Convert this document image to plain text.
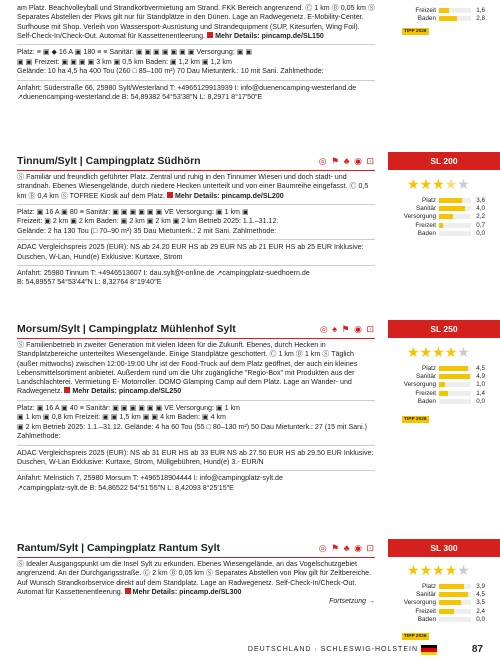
am Platz. Beachvolleyball und Strandkorbvermietung am Strand. FKK Bereich angrenzend. Ⓒ 1 km Ⓑ 0,05 km Ⓢ Separates Abstellen der Pkws gilt nur für Standplätze in den Dünen. Lage an Radwegenetz. E-Mobility-Center. Surfhouse mit Shop. Verleih von Wassersport-Ausrüstung und Strandequipment (SUP, Kitesurfen, Wing Foil). Self-Check-In/Check-Out. Automat für Kassettenentleerung. Mehr Details: pincamp.de/SL150

Platz: ≡ ▣ ◆ 16 A ▣ 180 ≡ ≡ Sanitär: ▣ ▣ ▣ ▣ ▣ ▣ ▣ Versorgung: ▣ ▣

▣ ▣ Freizeit: ▣ ▣ ▣ ▣ 3 km ▣ 0,5 km Baden: ▣ 1,2 km ▣ 1,2 km

Gelände: 10 ha 4,5 ha 400 Tou (260 □ 85–100 m²) 70 Dau Mietunterk.: 10 mit Sani. Zahlmethode:

Anfahrt: Süderstraße 66, 25980 Sylt/Westerland T: +4965129913939 I: info@duenencamping-westerland.de

↗duenencamping-westerland.de B: 54,89382 54°53′38″N L: 8,2971 8°17′50″E

Tinnum/Sylt | Campingplatz Südhörn	◎ ⚑ ♣ ◉ ⊡

Ⓢ Familiär und freundlich geführter Platz. Zentral und ruhig in den Tinnumer Wiesen und doch stadt- und strandnah. Ebenes Wiesengelände, durch niedere Hecken unterteilt und von einer Baumreihe eingefasst. Ⓒ 0,5 km Ⓑ 0,4 km Ⓢ TOFREE Kiosk auf dem Platz. Mehr Details: pincamp.de/SL200

Platz: ▣ 16 A ▣ 80 ≡ Sanitär: ▣ ▣ ▣ ▣ ▣ ▣ VE Versorgung: ▣ 1 km ▣

Freizeit: ▣ 2 km ▣ 2 km Baden: ▣ 2 km ▣ 2 km ▣ 2 km Betrieb 2025: 1.1.–31.12.

Gelände: 2 ha 130 Tou (□ 70–90 m²) 35 Dau Mietunterk.: 2 mit Sani. Zahlmethode:

ADAC Vergleichspreis 2025 (EUR): NS ab 24.20 EUR HS ab 29 EUR NS ab 21 EUR HS ab 25 EUR Inklusive: Duschen, W-Lan, Hund(e) Exklusive: Kurtaxe, Strom

Anfahrt: 25980 Tinnum T: +4946513607 I: dau.sylt@t-online.de ↗campingplatz-suedhoern.de

B: 54,89557 54°53′44″N L: 8,32764 8°19′40″E

Morsum/Sylt | Campingplatz Mühlenhof Sylt	◎ ♠ ⚑ ◉ ⊡

Ⓢ Familienbetrieb in zweiter Generation mit vielen Ideen für die Zukunft. Ebenes, durch Hecken in Standplatzbereiche unterteiltes Wiesengelände. Einige Standplätze geschottert. Ⓒ 1 km Ⓑ 1 km Ⓢ Täglich (außer mittwochs) zwischen 12:00-19:00 Uhr ist der Food-Truck auf dem Platz geöffnet, der auch ein kleines Lebensmittelsortiment anbietet. Außerdem rund um die Uhr zugängliche "Regio-Box" mit Produkten aus der Landschlachterei. Vermietung E- Motorroller. DOMO Glamping Camp auf dem Platz. Lage an Wander- und Radwegenetz. Mehr Details: pincamp.de/SL250

Platz: ▣ 16 A ▣ 40 ≡ Sanitär: ▣ ▣ ▣ ▣ ▣ ▣ VE Versorgung: ▣ 1 km

▣ 1 km ▣ 0,8 km Freizeit: ▣ ▣ 1,5 km ▣ ▣ 4 km Baden: ▣ 4 km

▣ 2 km Betrieb 2025: 1.1.–31.12. Gelände: 4 ha 60 Tou (55 □ 80–130 m²) 50 Dau Mietunterk.: 27 (15 mit Sani.) Zahlmethode:

ADAC Vergleichspreis 2025 (EUR): NS ab 31 EUR HS ab 33 EUR NS ab 27.50 EUR HS ab 29.50 EUR Inklusive: Duschen, W-Lan Exklusive: Kurtaxe, Strom, Müllgebühren, Hund(e) 3.- EUR/N

Anfahrt: Melnstich 7, 25980 Morsum T: +496518904444 I: info@campingplatz-sylt.de

↗campingplatz-sylt.de B: 54,86522 54°51′55″N L: 8,42093 8°25′15″E

Rantum/Sylt | Campingplatz Rantum Sylt	◎ ⚑ ♣ ◉ ⊡

Ⓢ Idealer Ausgangspunkt um die Insel Sylt zu erkunden. Ebenes Wiesengelände, an das Vogelschutzgebiet angrenzend. An der Durchgangsstraße. Ⓒ 2 km Ⓑ 0,05 km Ⓢ Separates Abstellen von Pkw gilt für Zeltbereiche. Auf Wunsch Strandkorbservice direkt auf dem Standplatz. Lage an Radwegenetz. Self-Check-In/Check-Out. Automat für Kassettenentleerung. Mehr Details: pincamp.de/SL300

Fortsetzung →
Freizeit	1,6
Baden	2,8
TIPP 2026
SL 200
★★★★★
Platz	3,6
Sanitär	4,0
Versorgung	2,2
Freizeit	0,7
Baden	0,0
SL 250
★★★★★
Platz	4,5
Sanitär	4,9
Versorgung	1,0
Freizeit	1,4
Baden	0,0
TIPP 2026
SL 300
★★★★★
Platz	3,9
Sanitär	4,5
Versorgung	3,5
Freizeit	2,4
Baden	0,0
TIPP 2026
DEUTSCHLAND · SCHLESWIG-HOLSTEIN	87
